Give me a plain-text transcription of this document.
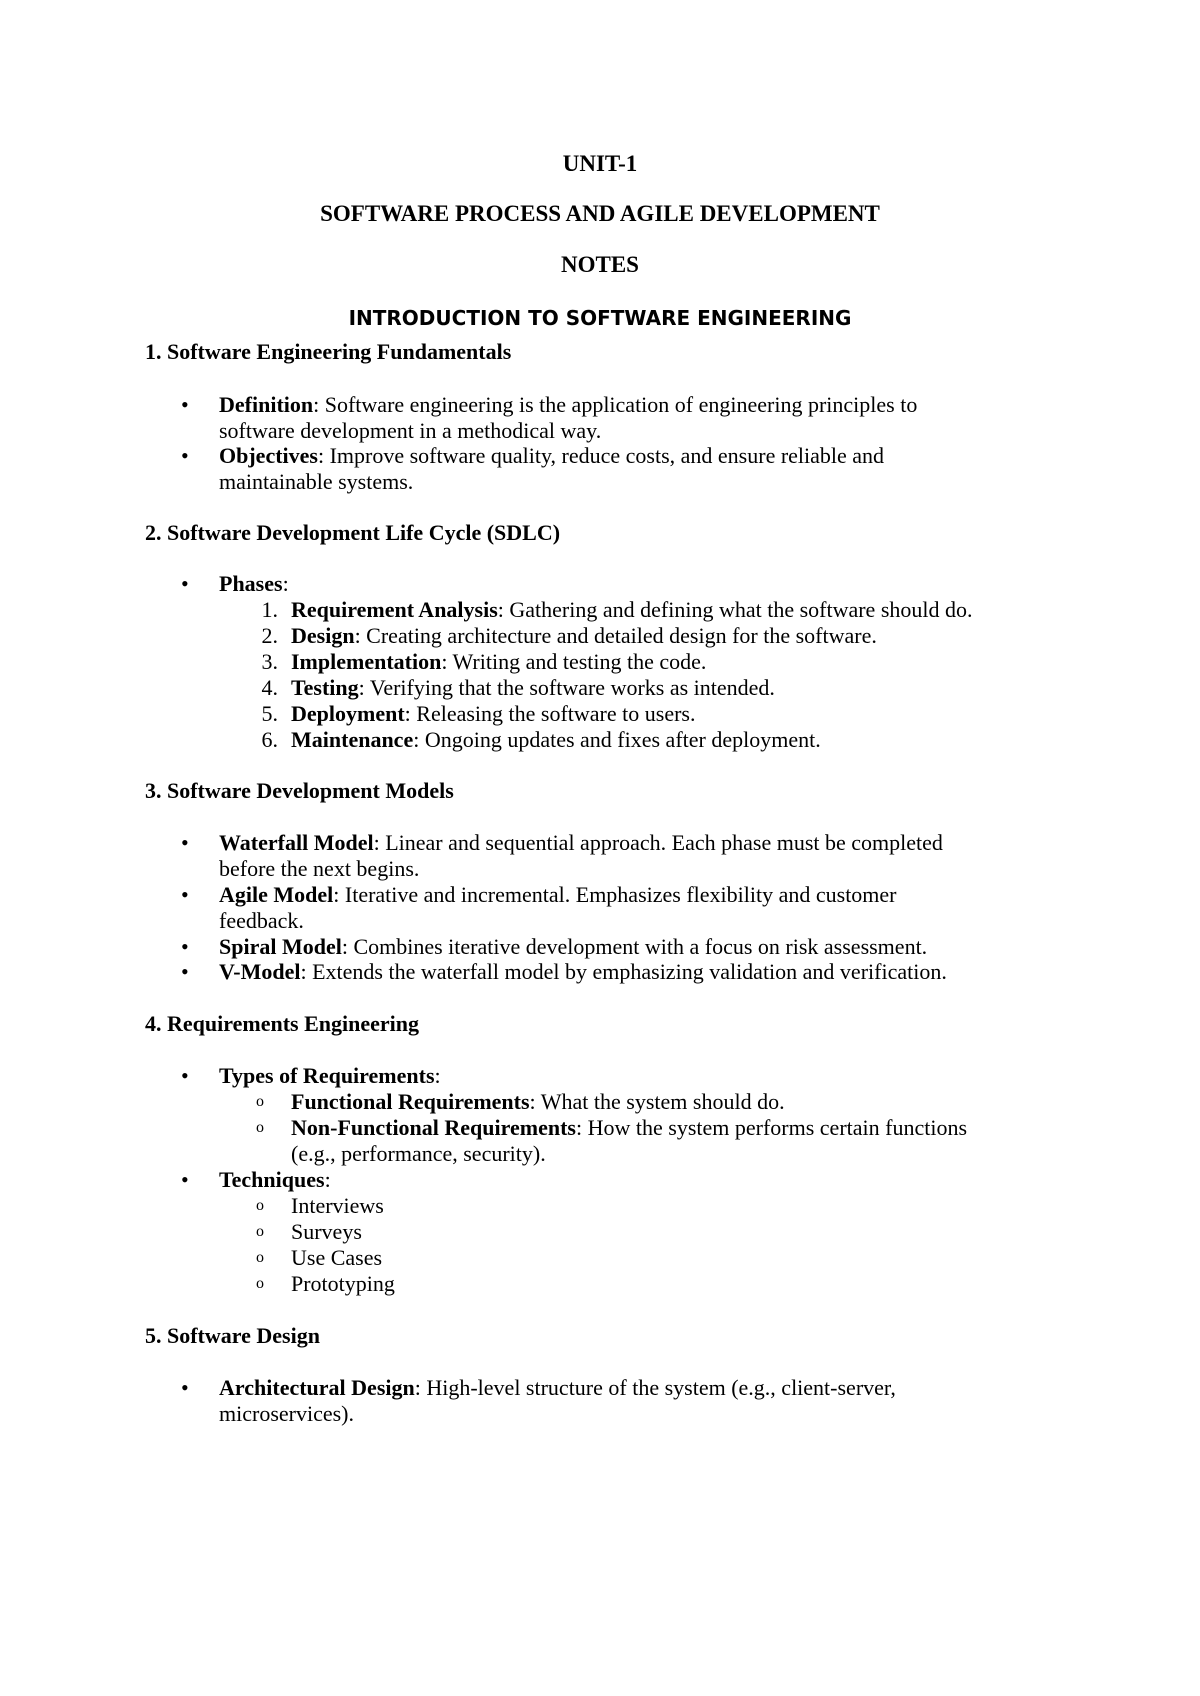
UNIT-1
SOFTWARE PROCESS AND AGILE DEVELOPMENT
NOTES
INTRODUCTION TO SOFTWARE ENGINEERING
1. Software Engineering Fundamentals
•	Definition: Software engineering is the application of engineering principles to
software development in a methodical way.
•	Objectives: Improve software quality, reduce costs, and ensure reliable and
maintainable systems.
2. Software Development Life Cycle (SDLC)
•	Phases:
1. Requirement Analysis: Gathering and defining what the software should do.
2. Design: Creating architecture and detailed design for the software.
3. Implementation: Writing and testing the code.
4. Testing: Verifying that the software works as intended.
5. Deployment: Releasing the software to users.
6. Maintenance: Ongoing updates and fixes after deployment.
3. Software Development Models
•	Waterfall Model: Linear and sequential approach. Each phase must be completed
before the next begins.
•	Agile Model: Iterative and incremental. Emphasizes flexibility and customer
feedback.
•	Spiral Model: Combines iterative development with a focus on risk assessment.
•	V-Model: Extends the waterfall model by emphasizing validation and verification.
4. Requirements Engineering
•	Types of Requirements:
o Functional Requirements: What the system should do.
o Non-Functional Requirements: How the system performs certain functions
(e.g., performance, security).
•	Techniques:
o Interviews
o Surveys
o Use Cases
o Prototyping
5. Software Design
•	Architectural Design: High-level structure of the system (e.g., client-server,
microservices).
